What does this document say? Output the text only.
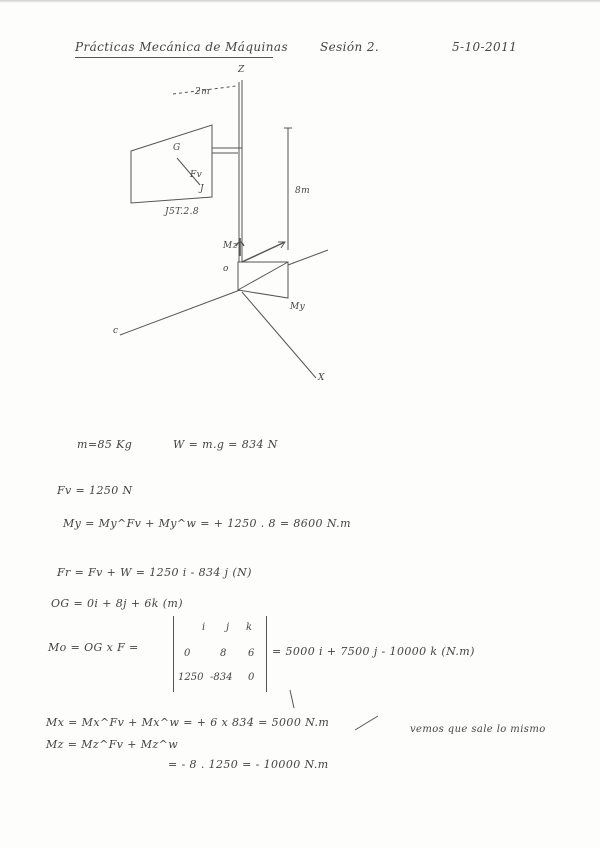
Prácticas Mecánica de Máquinas	Sesión 2.	5-10-2011
Z
2m
G
Fv
J	8m
J5T.2.8
Mz
o
My
c
X
m=85 Kg	W = m.g = 834 N
Fv = 1250 N
My = My^Fv + My^w = + 1250 . 8 = 8600 N.m
Fr = Fv + W = 1250 i - 834 j (N)
OG = 0i + 8j + 6k (m)
Mo = OG x F =
i j k
0	8 6
1250 -834 0
= 5000 i + 7500 j - 10000 k (N.m)
Mx = Mx^Fv + Mx^w = + 6 x 834 = 5000 N.m
vemos que sale lo mismo
Mz = Mz^Fv + Mz^w
= - 8 . 1250 = - 10000 N.m
